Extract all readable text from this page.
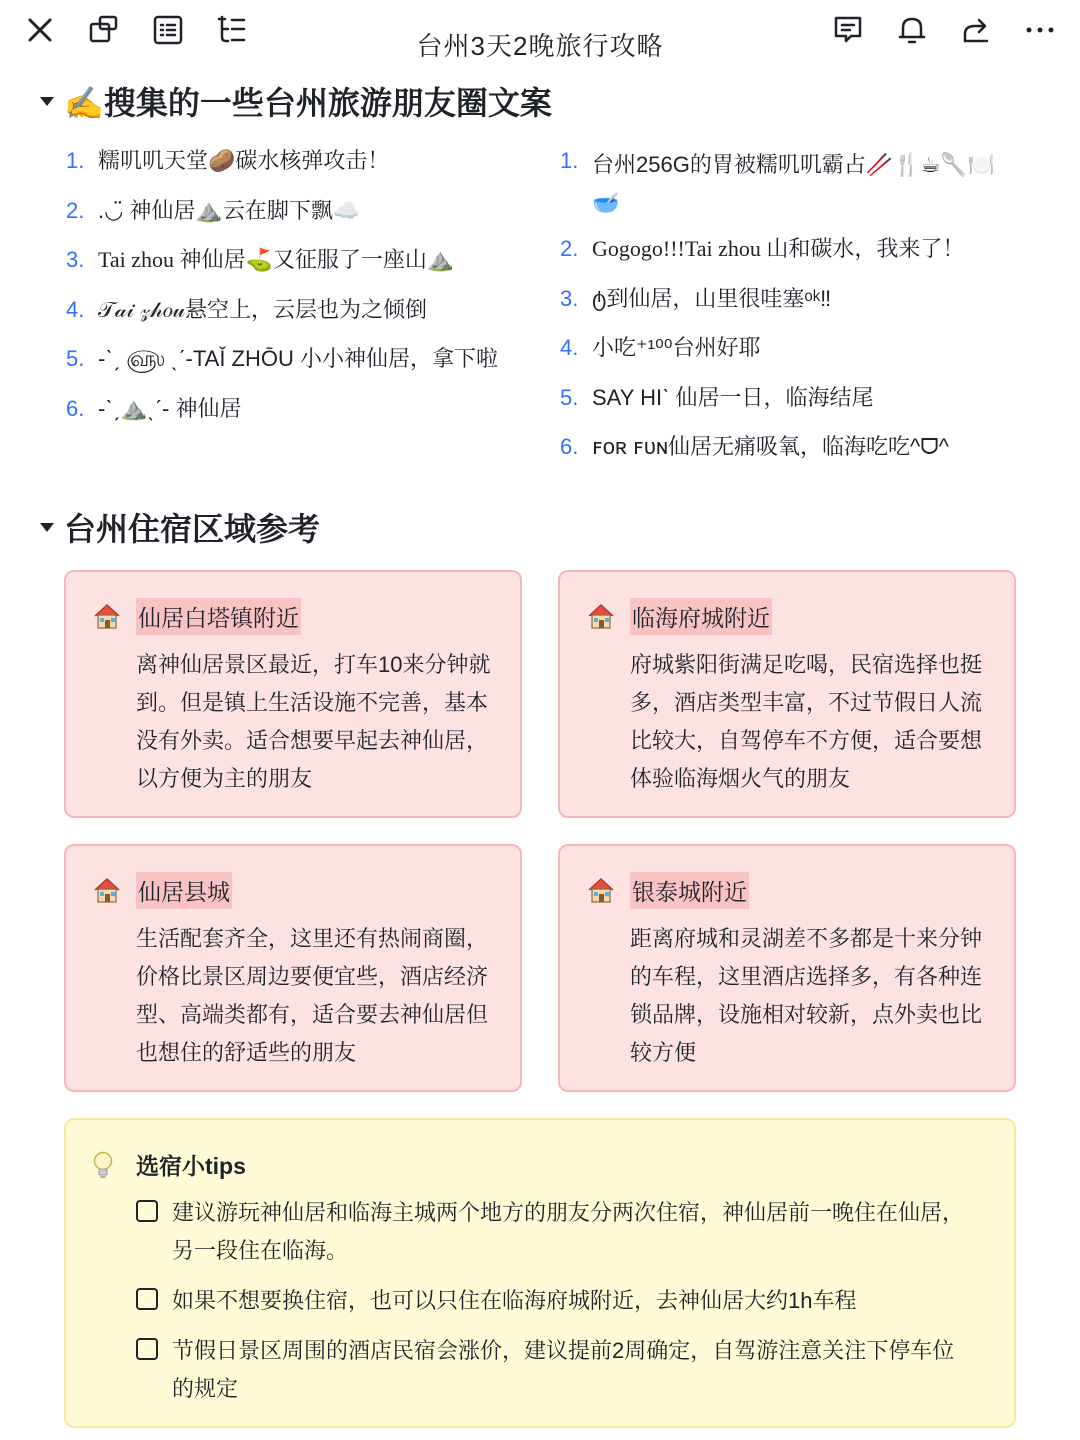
台州3天2晚旅行攻略
✍️搜集的一些台州旅游朋友圈文案
1. 糯叽叽天堂🥔碳水核弹攻击！
2. .◡̈ 神仙居⛰️云在脚下飘☁️
3. Tai zhou 神仙居⛳又征服了一座山⛰️
4. 𝒯𝒶𝒾 𝓏𝒽𝑜𝓊悬空上，云层也为之倾倒
5. -ˋˏ ௵ ˎˊ-TAǏ ZHŌU 小小神仙居，拿下啦
6. -ˋˏ⛰️ˎˊ- 神仙居
1. 台州256G的胃被糯叽叽霸占🥢🍴☕🥄🍽️🥣
2. Gogogo!!!Tai zhou 山和碳水，我来了！
3. ტ到仙居，山里很哇塞ᵒᵏ‼
4. 小吃⁺¹⁰⁰台州好耶
5. SAY HIˋ 仙居一日，临海结尾
6. ꜰᴏʀ ꜰᴜɴ仙居无痛吸氧，临海吃吃^ᗜ^
台州住宿区域参考
仙居白塔镇附近
离神仙居景区最近，打车10来分钟就到。但是镇上生活设施不完善，基本没有外卖。适合想要早起去神仙居，以方便为主的朋友
临海府城附近
府城紫阳街满足吃喝，民宿选择也挺多，酒店类型丰富，不过节假日人流比较大，自驾停车不方便，适合要想体验临海烟火气的朋友
仙居县城
生活配套齐全，这里还有热闹商圈，价格比景区周边要便宜些，酒店经济型、高端类都有，适合要去神仙居但也想住的舒适些的朋友
银泰城附近
距离府城和灵湖差不多都是十来分钟的车程，这里酒店选择多，有各种连锁品牌，设施相对较新，点外卖也比较方便
选宿小tips
建议游玩神仙居和临海主城两个地方的朋友分两次住宿，神仙居前一晚住在仙居，另一段住在临海。
如果不想要换住宿，也可以只住在临海府城附近，去神仙居大约1h车程
节假日景区周围的酒店民宿会涨价，建议提前2周确定，自驾游注意关注下停车位的规定
